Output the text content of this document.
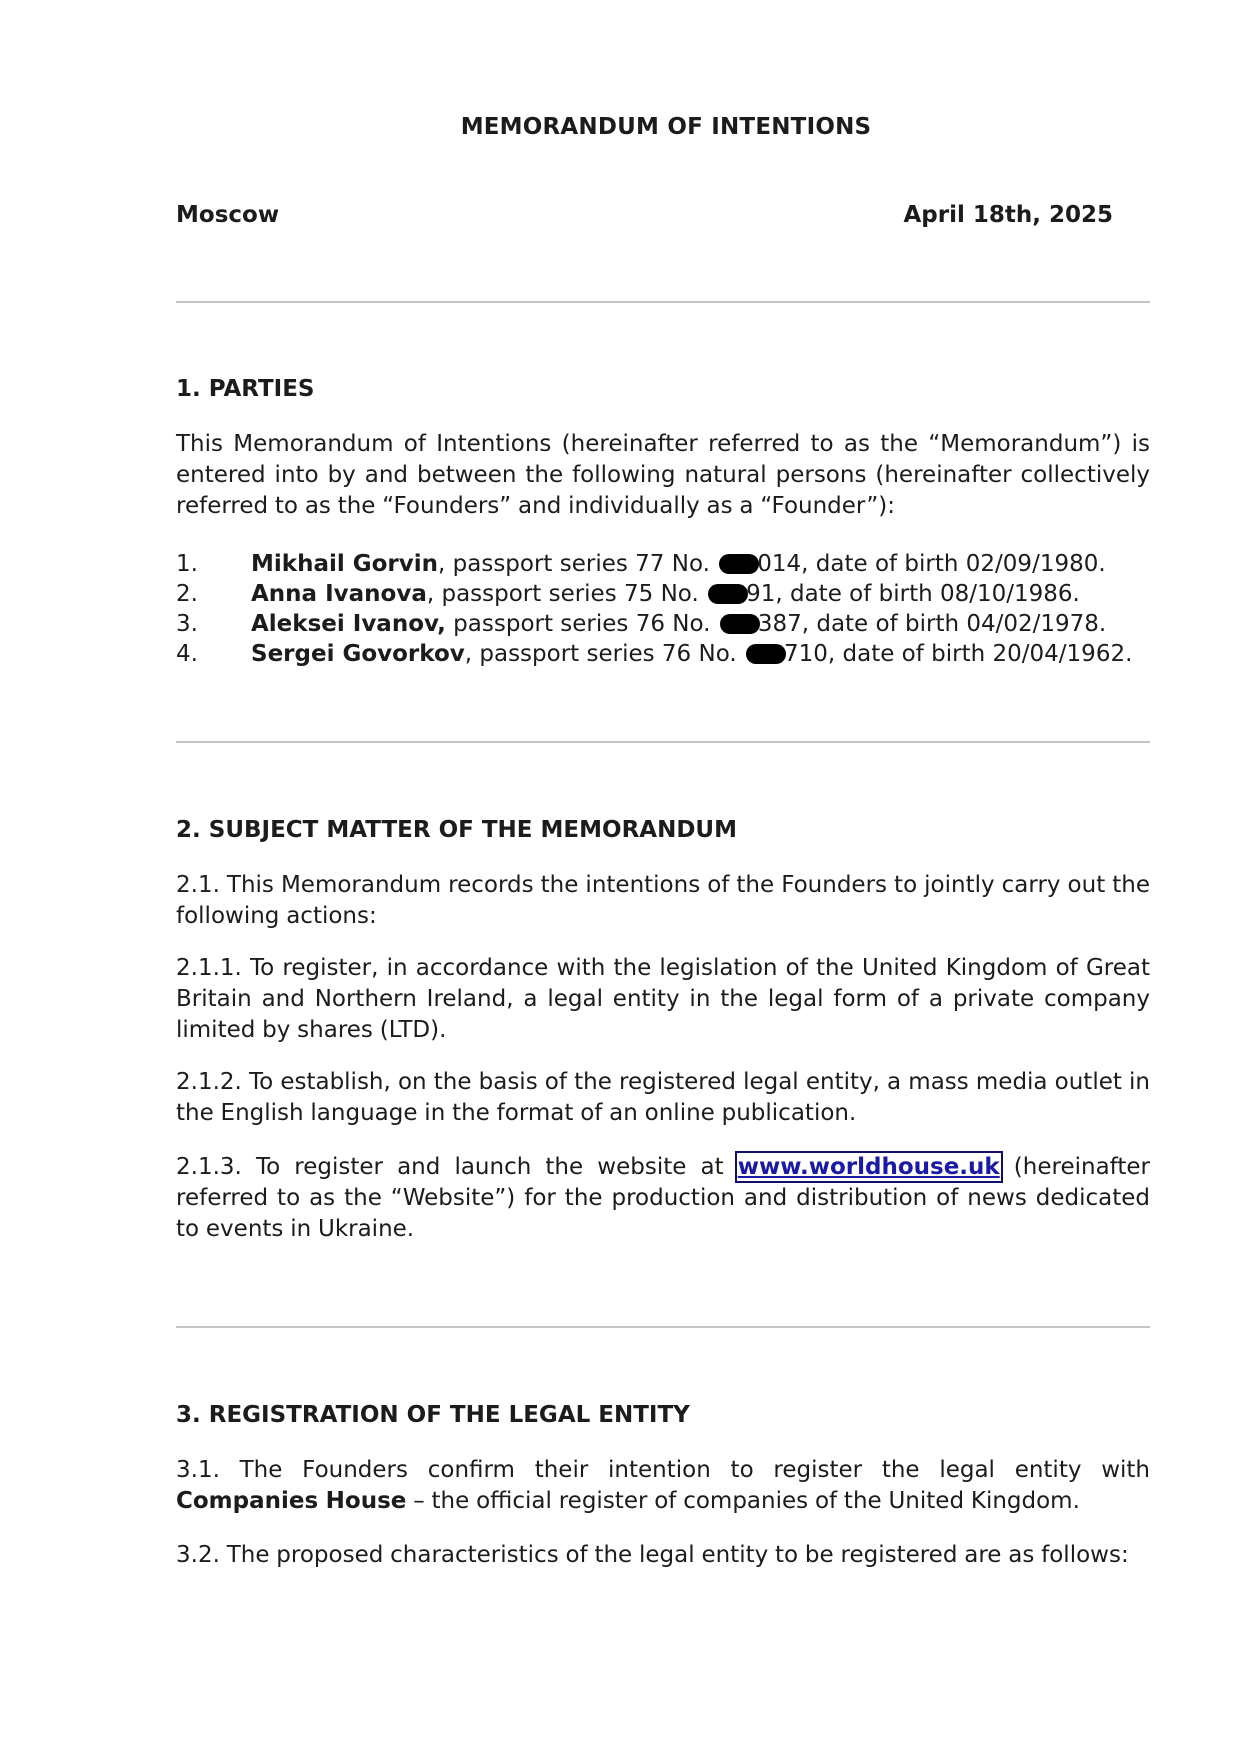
MEMORANDUM OF INTENTIONS
Moscow	April 18th, 2025
1. PARTIES

This Memorandum of Intentions (hereinafter referred to as the “Memorandum”) is entered into by and between the following natural persons (hereinafter collectively referred to as the “Founders” and individually as a “Founder”):

1. Mikhail Gorvin, passport series 77 No. 014, date of birth 02/09/1980.
2. Anna Ivanova, passport series 75 No. 91, date of birth 08/10/1986.
3. Aleksei Ivanov, passport series 76 No. 387, date of birth 04/02/1978.
4. Sergei Govorkov, passport series 76 No. 710, date of birth 20/04/1962.
2. SUBJECT MATTER OF THE MEMORANDUM

2.1. This Memorandum records the intentions of the Founders to jointly carry out the following actions:

2.1.1. To register, in accordance with the legislation of the United Kingdom of Great Britain and Northern Ireland, a legal entity in the legal form of a private company limited by shares (LTD).

2.1.2. To establish, on the basis of the registered legal entity, a mass media outlet in the English language in the format of an online publication.

2.1.3. To register and launch the website at www.worldhouse.uk (hereinafter referred to as the “Website”) for the production and distribution of news dedicated to events in Ukraine.

3. REGISTRATION OF THE LEGAL ENTITY

3.1. The Founders confirm their intention to register the legal entity with Companies House – the official register of companies of the United Kingdom.

3.2. The proposed characteristics of the legal entity to be registered are as follows:
